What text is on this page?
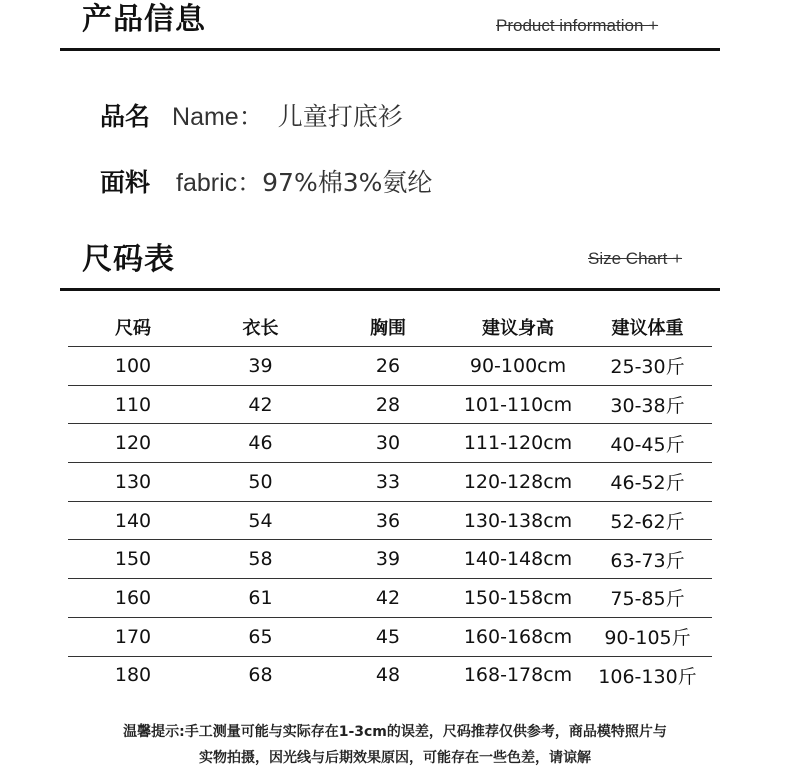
产品信息	Product information +
品名 Name： 儿童打底衫
面料 fabric：97%棉3%氨纶
尺码表	Size Chart +
尺码	衣长	胸围	建议身高	建议体重
100	39	26	90-100cm	25-30斤
110	42	28	101-110cm	30-38斤
120	46	30	111-120cm	40-45斤
130	50	33	120-128cm	46-52斤
140	54	36	130-138cm	52-62斤
150	58	39	140-148cm	63-73斤
160	61	42	150-158cm	75-85斤
170	65	45	160-168cm	90-105斤
180	68	48	168-178cm	106-130斤
温馨提示:手工测量可能与实际存在1-3cm的误差，尺码推荐仅供参考，商品模特照片与
实物拍摄，因光线与后期效果原因，可能存在一些色差，请谅解
